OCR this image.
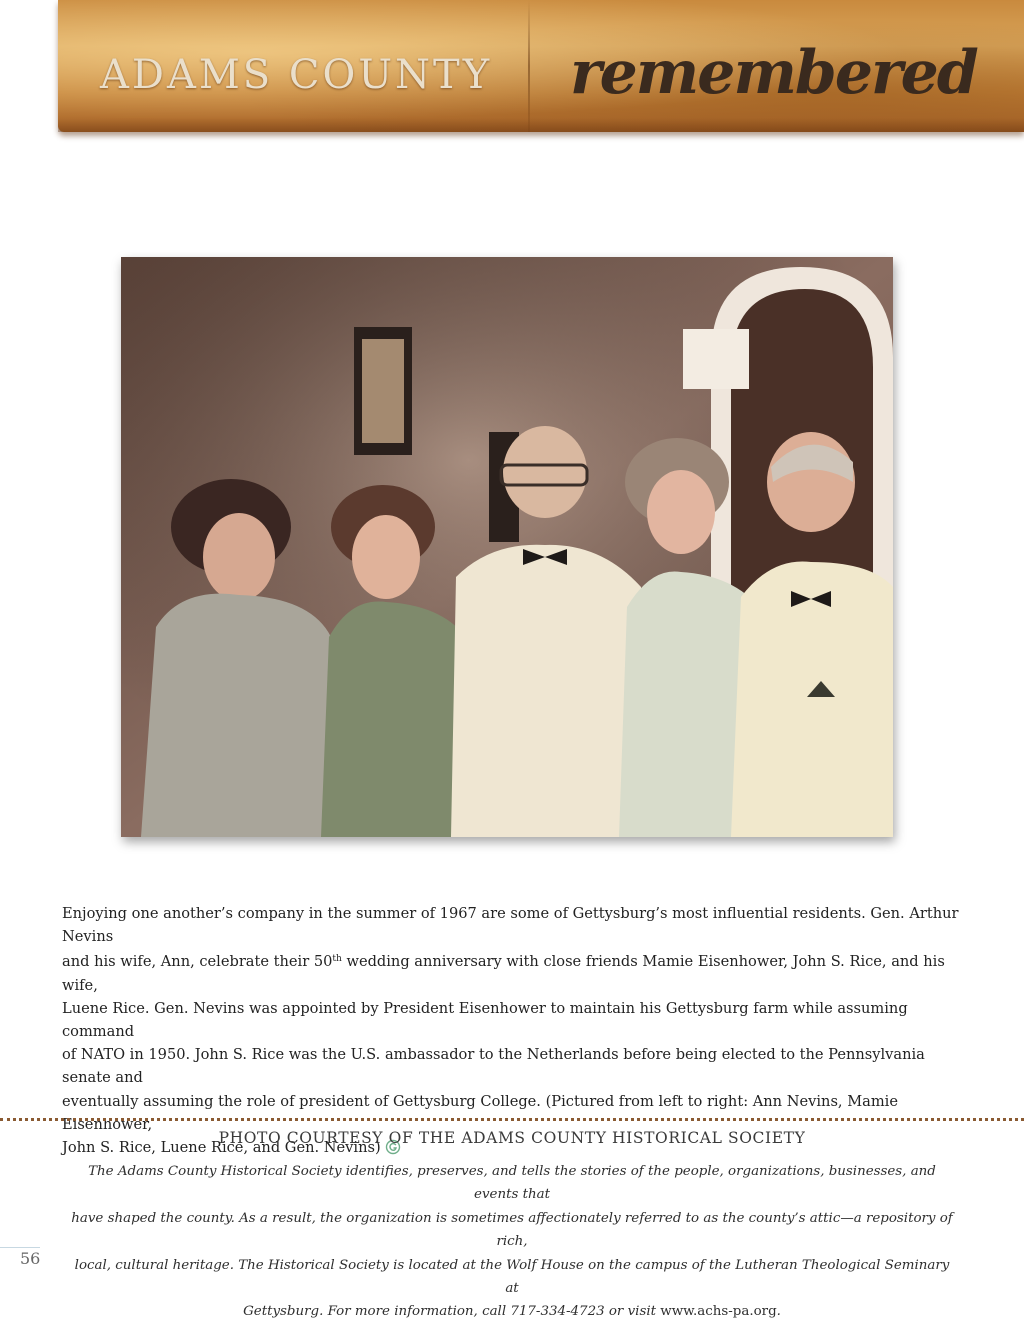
ADAMS COUNTY remembered
Enjoying one another’s company in the summer of 1967 are some of Gettysburg’s most influential residents. Gen. Arthur Nevins
and his wife, Ann, celebrate their 50th wedding anniversary with close friends Mamie Eisenhower, John S. Rice, and his wife,
Luene Rice. Gen. Nevins was appointed by President Eisenhower to maintain his Gettysburg farm while assuming command
of NATO in 1950. John S. Rice was the U.S. ambassador to the Netherlands before being elected to the Pennsylvania senate and
eventually assuming the role of president of Gettysburg College. (Pictured from left to right: Ann Nevins, Mamie Eisenhower,
John S. Rice, Luene Rice, and Gen. Nevins)
PHOTO COURTESY OF THE ADAMS COUNTY HISTORICAL SOCIETY
The Adams County Historical Society identifies, preserves, and tells the stories of the people, organizations, businesses, and events that
have shaped the county. As a result, the organization is sometimes affectionately referred to as the county’s attic—a repository of rich,
local, cultural heritage. The Historical Society is located at the Wolf House on the campus of the Lutheran Theological Seminary at
Gettysburg. For more information, call 717-334-4723 or visit www.achs-pa.org.
56
